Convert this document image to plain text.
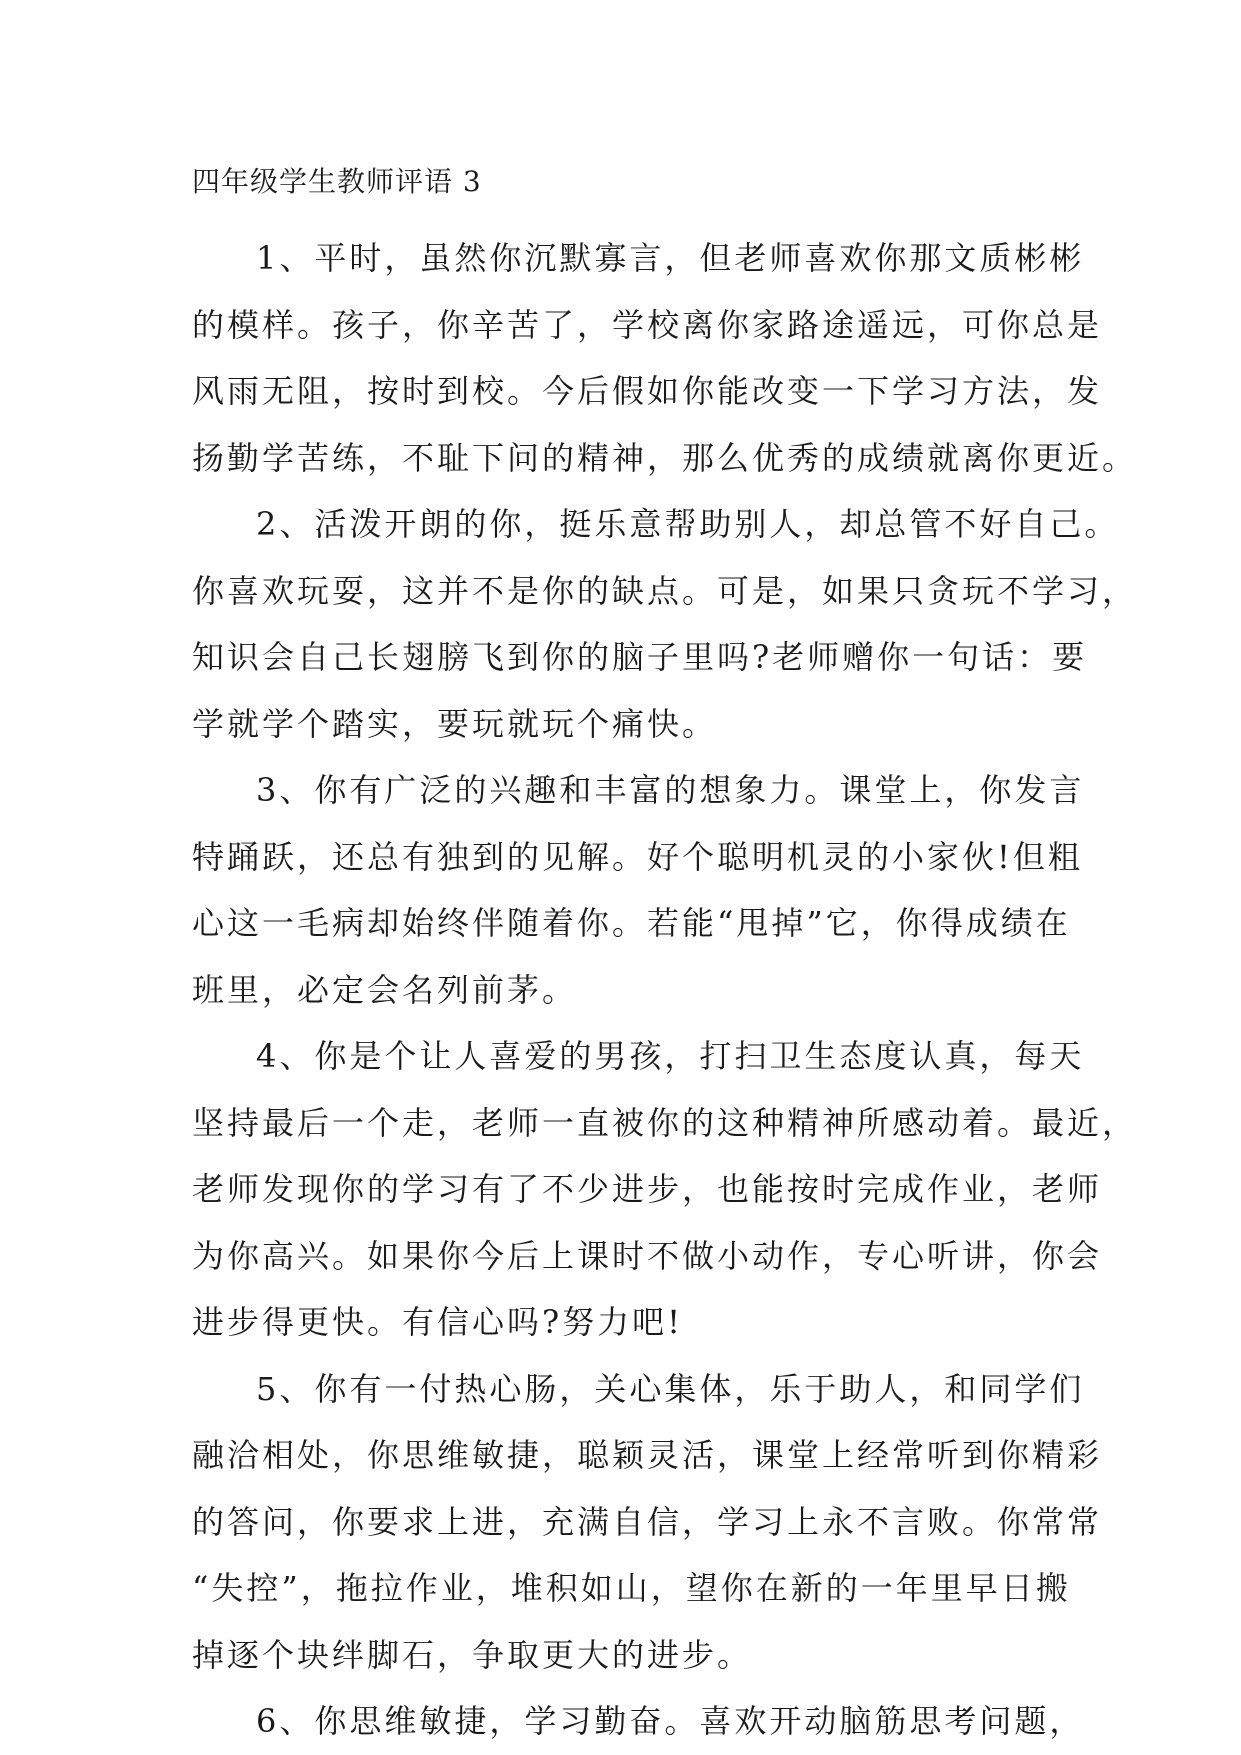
四年级学生教师评语 3
1、平时，虽然你沉默寡言，但老师喜欢你那文质彬彬
的模样。孩子，你辛苦了，学校离你家路途遥远，可你总是
风雨无阻，按时到校。今后假如你能改变一下学习方法，发
扬勤学苦练，不耻下问的精神，那么优秀的成绩就离你更近。
2、活泼开朗的你，挺乐意帮助别人，却总管不好自己。
你喜欢玩耍，这并不是你的缺点。可是，如果只贪玩不学习，
知识会自己长翅膀飞到你的脑子里吗?老师赠你一句话：要
学就学个踏实，要玩就玩个痛快。
3、你有广泛的兴趣和丰富的想象力。课堂上，你发言
特踊跃，还总有独到的见解。好个聪明机灵的小家伙!但粗
心这一毛病却始终伴随着你。若能“甩掉”它，你得成绩在
班里，必定会名列前茅。
4、你是个让人喜爱的男孩，打扫卫生态度认真，每天
坚持最后一个走，老师一直被你的这种精神所感动着。最近，
老师发现你的学习有了不少进步，也能按时完成作业，老师
为你高兴。如果你今后上课时不做小动作，专心听讲，你会
进步得更快。有信心吗?努力吧!
5、你有一付热心肠，关心集体，乐于助人，和同学们
融洽相处，你思维敏捷，聪颖灵活，课堂上经常听到你精彩
的答问，你要求上进，充满自信，学习上永不言败。你常常
“失控”，拖拉作业，堆积如山，望你在新的一年里早日搬
掉逐个块绊脚石，争取更大的进步。
6、你思维敏捷，学习勤奋。喜欢开动脑筋思考问题，
